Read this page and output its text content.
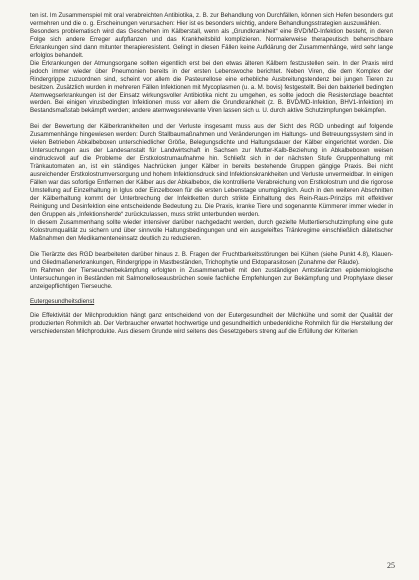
ten ist. Im Zusammenspiel mit oral verabreichten Antibiotika, z. B. zur Behandlung von Durchfällen, können sich Hefen besonders gut vermehren und die o. g. Erscheinungen verursachen: Hier ist es besonders wichtig, andere Behandlungsstrategien auszuwählen.

Besonders problematisch wird das Geschehen im Kälberstall, wenn als „Grundkrankheit“ eine BVD/MD-Infektion besteht, in deren Folge sich andere Erreger aufpflanzen und das Krankheitsbild komplizieren. Normalerweise therapeutisch beherrschbare Erkrankungen sind dann mitunter therapieresistent. Gelingt in diesen Fällen keine Aufklärung der Zusammenhänge, wird sehr lange erfolglos behandelt.

Die Erkrankungen der Atmungsorgane sollten eigentlich erst bei den etwas älteren Kälbern festzustellen sein. In der Praxis wird jedoch immer wieder über Pneumonien bereits in der ersten Lebenswoche berichtet. Neben Viren, die dem Komplex der Rindergrippe zuzuordnen sind, scheint vor allem die Pasteurellose eine erhebliche Ausbreitungstendenz bei jungen Tieren zu besitzen. Zusätzlich wurden in mehreren Fällen Infektionen mit Mycoplasmen (u. a. M. bovis) festgestellt. Bei den bakteriell bedingten Atemwegserkrankungen ist der Einsatz wirkungsvoller Antibiotika nicht zu umgehen, es sollte jedoch die Resistenzlage beachtet werden. Bei einigen virusbedingten Infektionen muss vor allem die Grundkrankheit (z. B. BVD/MD-Infektion, BHV1-Infektion) im Bestandsmaßstab bekämpft werden; andere atemwegsrelevante Viren lassen sich u. U. durch aktive Schutzimpfungen bekämpfen.

Bei der Bewertung der Kälberkrankheiten und der Verluste insgesamt muss aus der Sicht des RGD unbedingt auf folgende Zusammenhänge hingewiesen werden: Durch Stallbaumaßnahmen und Veränderungen im Haltungs- und Betreuungssystem sind in vielen Betrieben Abkalbeboxen unterschiedlicher Größe, Belegungsdichte und Haltungsdauer der Kälber eingerichtet worden. Die Untersuchungen aus der Landesanstalt für Landwirtschaft in Sachsen zur Mutter-Kalb-Beziehung in Abkalbeboxen weisen eindrucksvoll auf die Probleme der Erstkolostrumaufnahme hin. Schließt sich in der nächsten Stufe Gruppenhaltung mit Tränkautomaten an, ist ein ständiges Nachrücken junger Kälber in bereits bestehende Gruppen gängige Praxis. Bei nicht ausreichender Erstkolostrumversorgung und hohem Infektionsdruck sind Infektionskrankheiten und Verluste unvermeidbar. In einigen Fällen war das sofortige Entfernen der Kälber aus der Abkalbebox, die kontrollierte Verabreichung von Erstkolostrum und die rigorose Umstellung auf Einzelhaltung in Iglus oder Einzelboxen für die ersten Lebenstage unumgänglich. Auch in den weiteren Abschnitten der Kälberhaltung kommt der Unterbrechung der Infektketten durch strikte Einhaltung des Rein-Raus-Prinzips mit effektiver Reinigung und Desinfektion eine entscheidende Bedeutung zu. Die Praxis, kranke Tiere und sogenannte Kümmerer immer wieder in den Gruppen als „Infektionsherde“ zurückzulassen, muss strikt unterbunden werden.

In diesem Zusammenhang sollte wieder intensiver darüber nachgedacht werden, durch gezielte Muttertierschutzimpfung eine gute Kolostrumqualität zu sichern und über sinnvolle Haltungsbedingungen und ein ausgeleiftes Tränkregime einschließlich diätetischer Maßnahmen den Medikamenteneinsatz deutlich zu reduzieren.

Die Tierärzte des RGD bearbeiteten darüber hinaus z. B. Fragen der Fruchtbarkeitsstörungen bei Kühen (siehe Punkt 4.8), Klauen- und Gliedmaßenerkrankungen, Rindergrippe in Mastbeständen, Trichophytie und Ektoparasitosen (Zunahme der Räude).

Im Rahmen der Tierseuchenbekämpfung erfolgten in Zusammenarbeit mit den zuständigen Amtstierärzten epidemiologische Untersuchungen in Beständen mit Salmonelloseausbrüchen sowie fachliche Empfehlungen zur Bekämpfung und Prophylaxe dieser anzeigepflichtigen Tierseuche.

Eutergesundheitsdienst

Die Effektivität der Milchproduktion hängt ganz entscheidend von der Eutergesundheit der Milchkühe und somit der Qualität der produzierten Rohmilch ab. Der Verbraucher erwartet hochwertige und gesundheitlich unbedenkliche Rohmilch für die Herstellung der verschiedensten Milchprodukte. Aus diesem Grunde wird seitens des Gesetzgebers streng auf die Erfüllung der Kriterien

25
